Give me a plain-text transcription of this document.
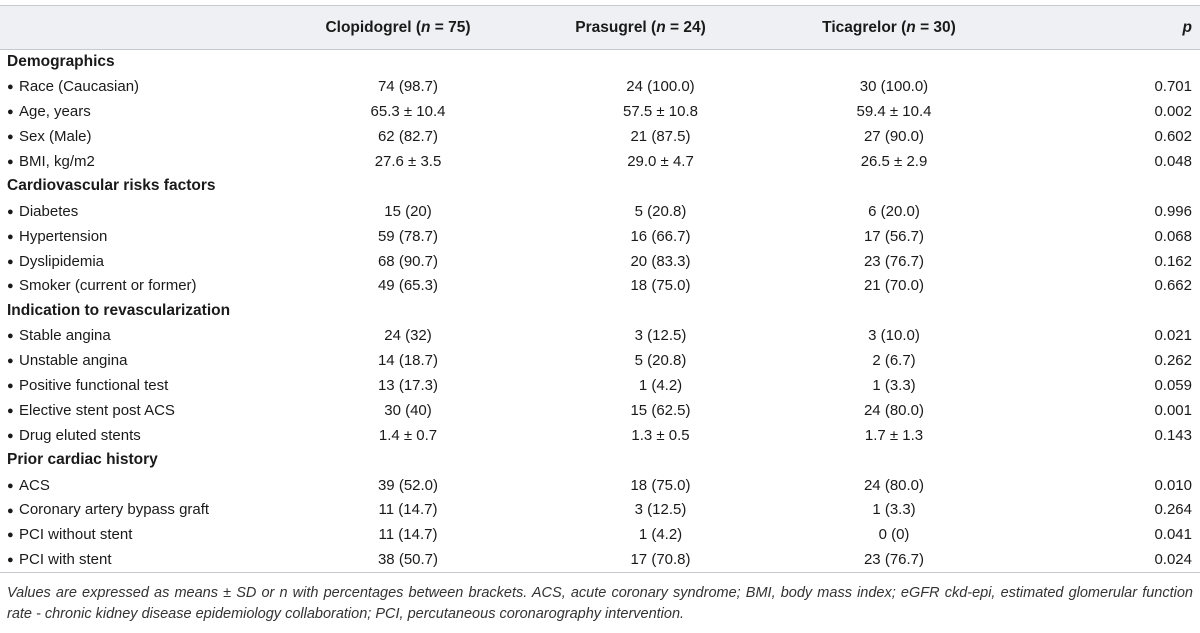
	Clopidogrel (n = 75)	Prasugrel (n = 24)	Ticagrelor (n = 30)	p
Demographics				
● Race (Caucasian)	74 (98.7)	24 (100.0)	30 (100.0)	0.701
● Age, years	65.3 ± 10.4	57.5 ± 10.8	59.4 ± 10.4	0.002
● Sex (Male)	62 (82.7)	21 (87.5)	27 (90.0)	0.602
● BMI, kg/m2	27.6 ± 3.5	29.0 ± 4.7	26.5 ± 2.9	0.048
Cardiovascular risks factors				
● Diabetes	15 (20)	5 (20.8)	6 (20.0)	0.996
● Hypertension	59 (78.7)	16 (66.7)	17 (56.7)	0.068
● Dyslipidemia	68 (90.7)	20 (83.3)	23 (76.7)	0.162
● Smoker (current or former)	49 (65.3)	18 (75.0)	21 (70.0)	0.662
Indication to revascularization				
● Stable angina	24 (32)	3 (12.5)	3 (10.0)	0.021
● Unstable angina	14 (18.7)	5 (20.8)	2 (6.7)	0.262
● Positive functional test	13 (17.3)	1 (4.2)	1 (3.3)	0.059
● Elective stent post ACS	30 (40)	15 (62.5)	24 (80.0)	0.001
● Drug eluted stents	1.4 ± 0.7	1.3 ± 0.5	1.7 ± 1.3	0.143
Prior cardiac history				
● ACS	39 (52.0)	18 (75.0)	24 (80.0)	0.010
● Coronary artery bypass graft	11 (14.7)	3 (12.5)	1 (3.3)	0.264
● PCI without stent	11 (14.7)	1 (4.2)	0 (0)	0.041
● PCI with stent	38 (50.7)	17 (70.8)	23 (76.7)	0.024
Values are expressed as means ± SD or n with percentages between brackets. ACS, acute coronary syndrome; BMI, body mass index; eGFR ckd-epi, estimated glomerular function rate - chronic kidney disease epidemiology collaboration; PCI, percutaneous coronarography intervention.
